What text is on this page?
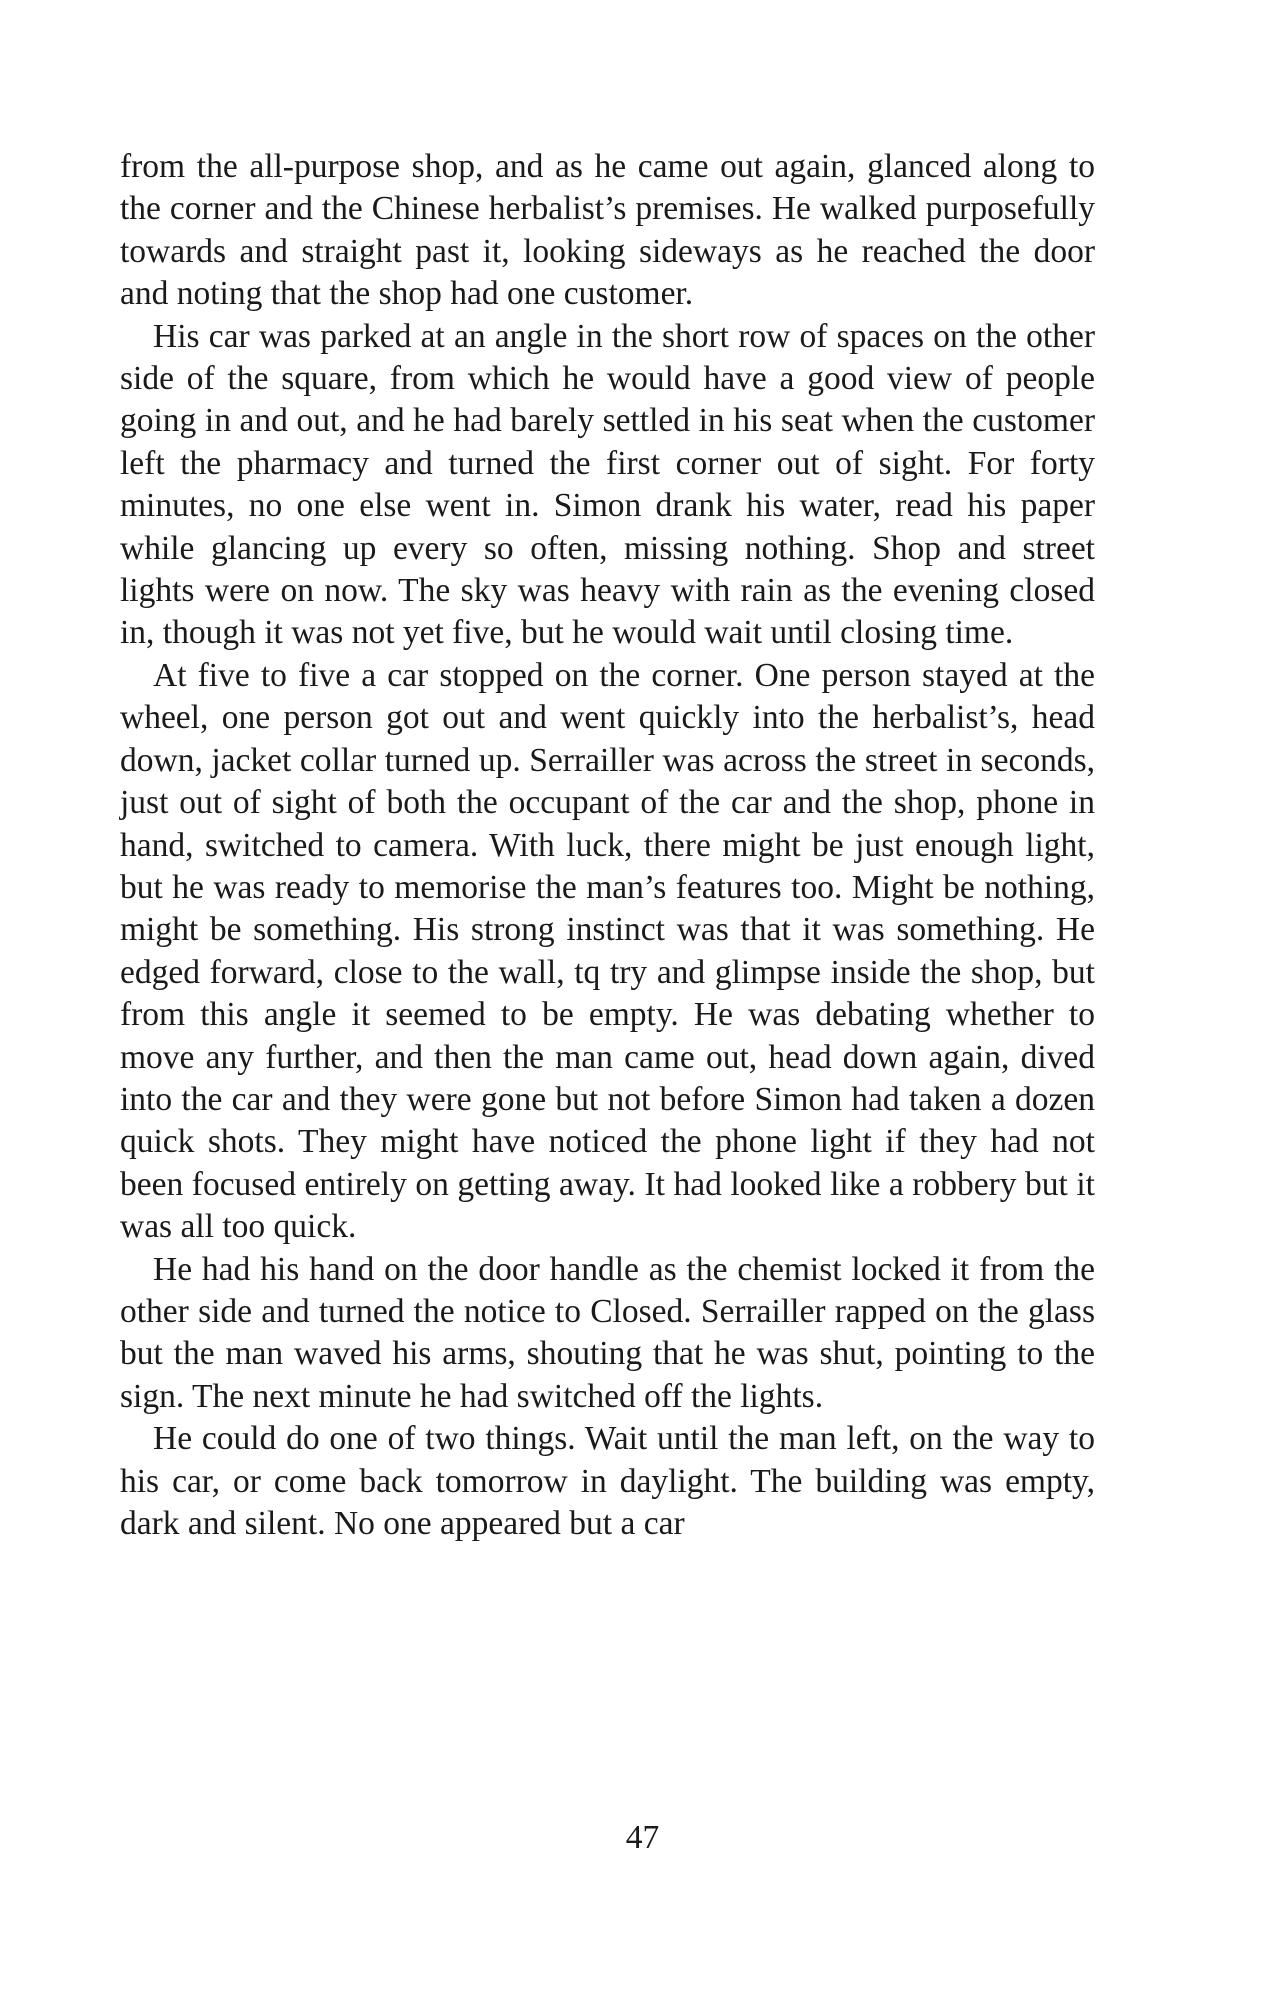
from the all-purpose shop, and as he came out again, glanced along to the corner and the Chinese herbalist’s premises. He walked purposefully towards and straight past it, looking sideways as he reached the door and noting that the shop had one customer.

His car was parked at an angle in the short row of spaces on the other side of the square, from which he would have a good view of people going in and out, and he had barely settled in his seat when the customer left the pharmacy and turned the first corner out of sight. For forty minutes, no one else went in. Simon drank his water, read his paper while glancing up every so often, missing nothing. Shop and street lights were on now. The sky was heavy with rain as the evening closed in, though it was not yet five, but he would wait until closing time.

At five to five a car stopped on the corner. One person stayed at the wheel, one person got out and went quickly into the herbalist’s, head down, jacket collar turned up. Serrailler was across the street in seconds, just out of sight of both the occupant of the car and the shop, phone in hand, switched to camera. With luck, there might be just enough light, but he was ready to memorise the man’s features too. Might be nothing, might be something. His strong instinct was that it was something. He edged forward, close to the wall, tq try and glimpse inside the shop, but from this angle it seemed to be empty. He was debating whether to move any further, and then the man came out, head down again, dived into the car and they were gone but not before Simon had taken a dozen quick shots. They might have noticed the phone light if they had not been focused entirely on getting away. It had looked like a robbery but it was all too quick.

He had his hand on the door handle as the chemist locked it from the other side and turned the notice to Closed. Serrailler rapped on the glass but the man waved his arms, shouting that he was shut, pointing to the sign. The next minute he had switched off the lights.

He could do one of two things. Wait until the man left, on the way to his car, or come back tomorrow in daylight. The building was empty, dark and silent. No one appeared but a car

47
